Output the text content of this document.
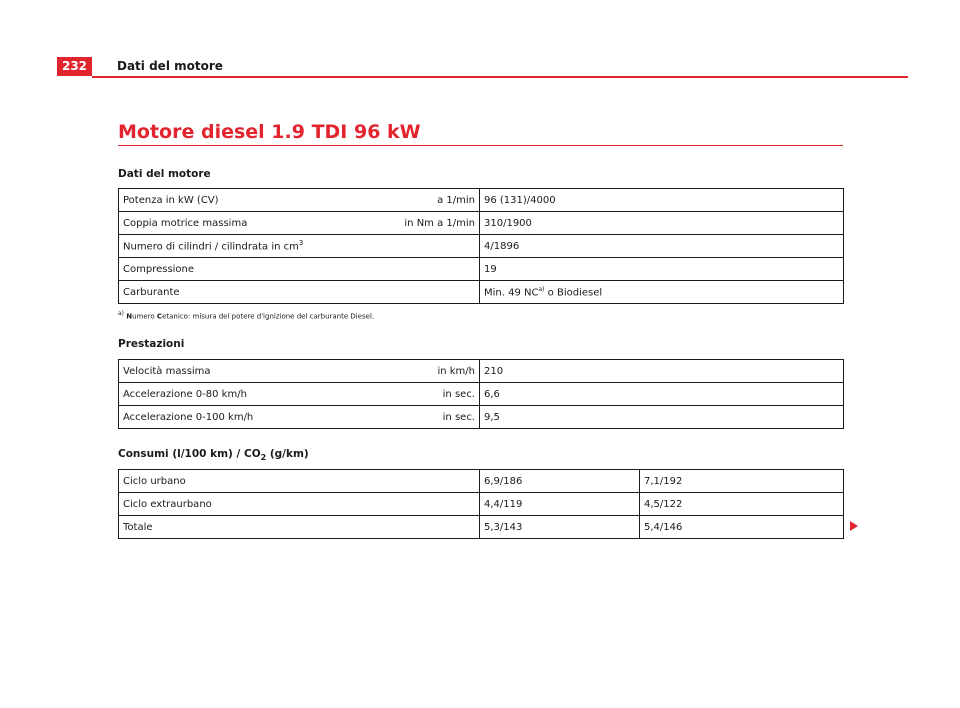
232	Dati del motore
Motore diesel 1.9 TDI 96 kW
Dati del motore
Potenza in kW (CV) a 1/min	96 (131)/4000

Coppia motrice massima in Nm a 1/min	310/1900

Numero di cilindri / cilindrata in $cm^3$	4/1896

Compressione	19

Carburante	Min. 49 NC$^{a)}$ o Biodiesel
$^{a)}$ Numero Cetanico: misura del potere d'ignizione del carburante Diesel.
Prestazioni
Velocità massima in km/h	210

Accelerazione 0-80 km/h in sec.	6,6

Accelerazione 0-100 km/h in sec.	9,5
Consumi (l/100 $km) / CO_2$ (g/km)
Ciclo urbano	6,9/186	7,1/192
Ciclo extraurbano	4,4/119	4,5/122
Totale	5,3/143	5,4/146
